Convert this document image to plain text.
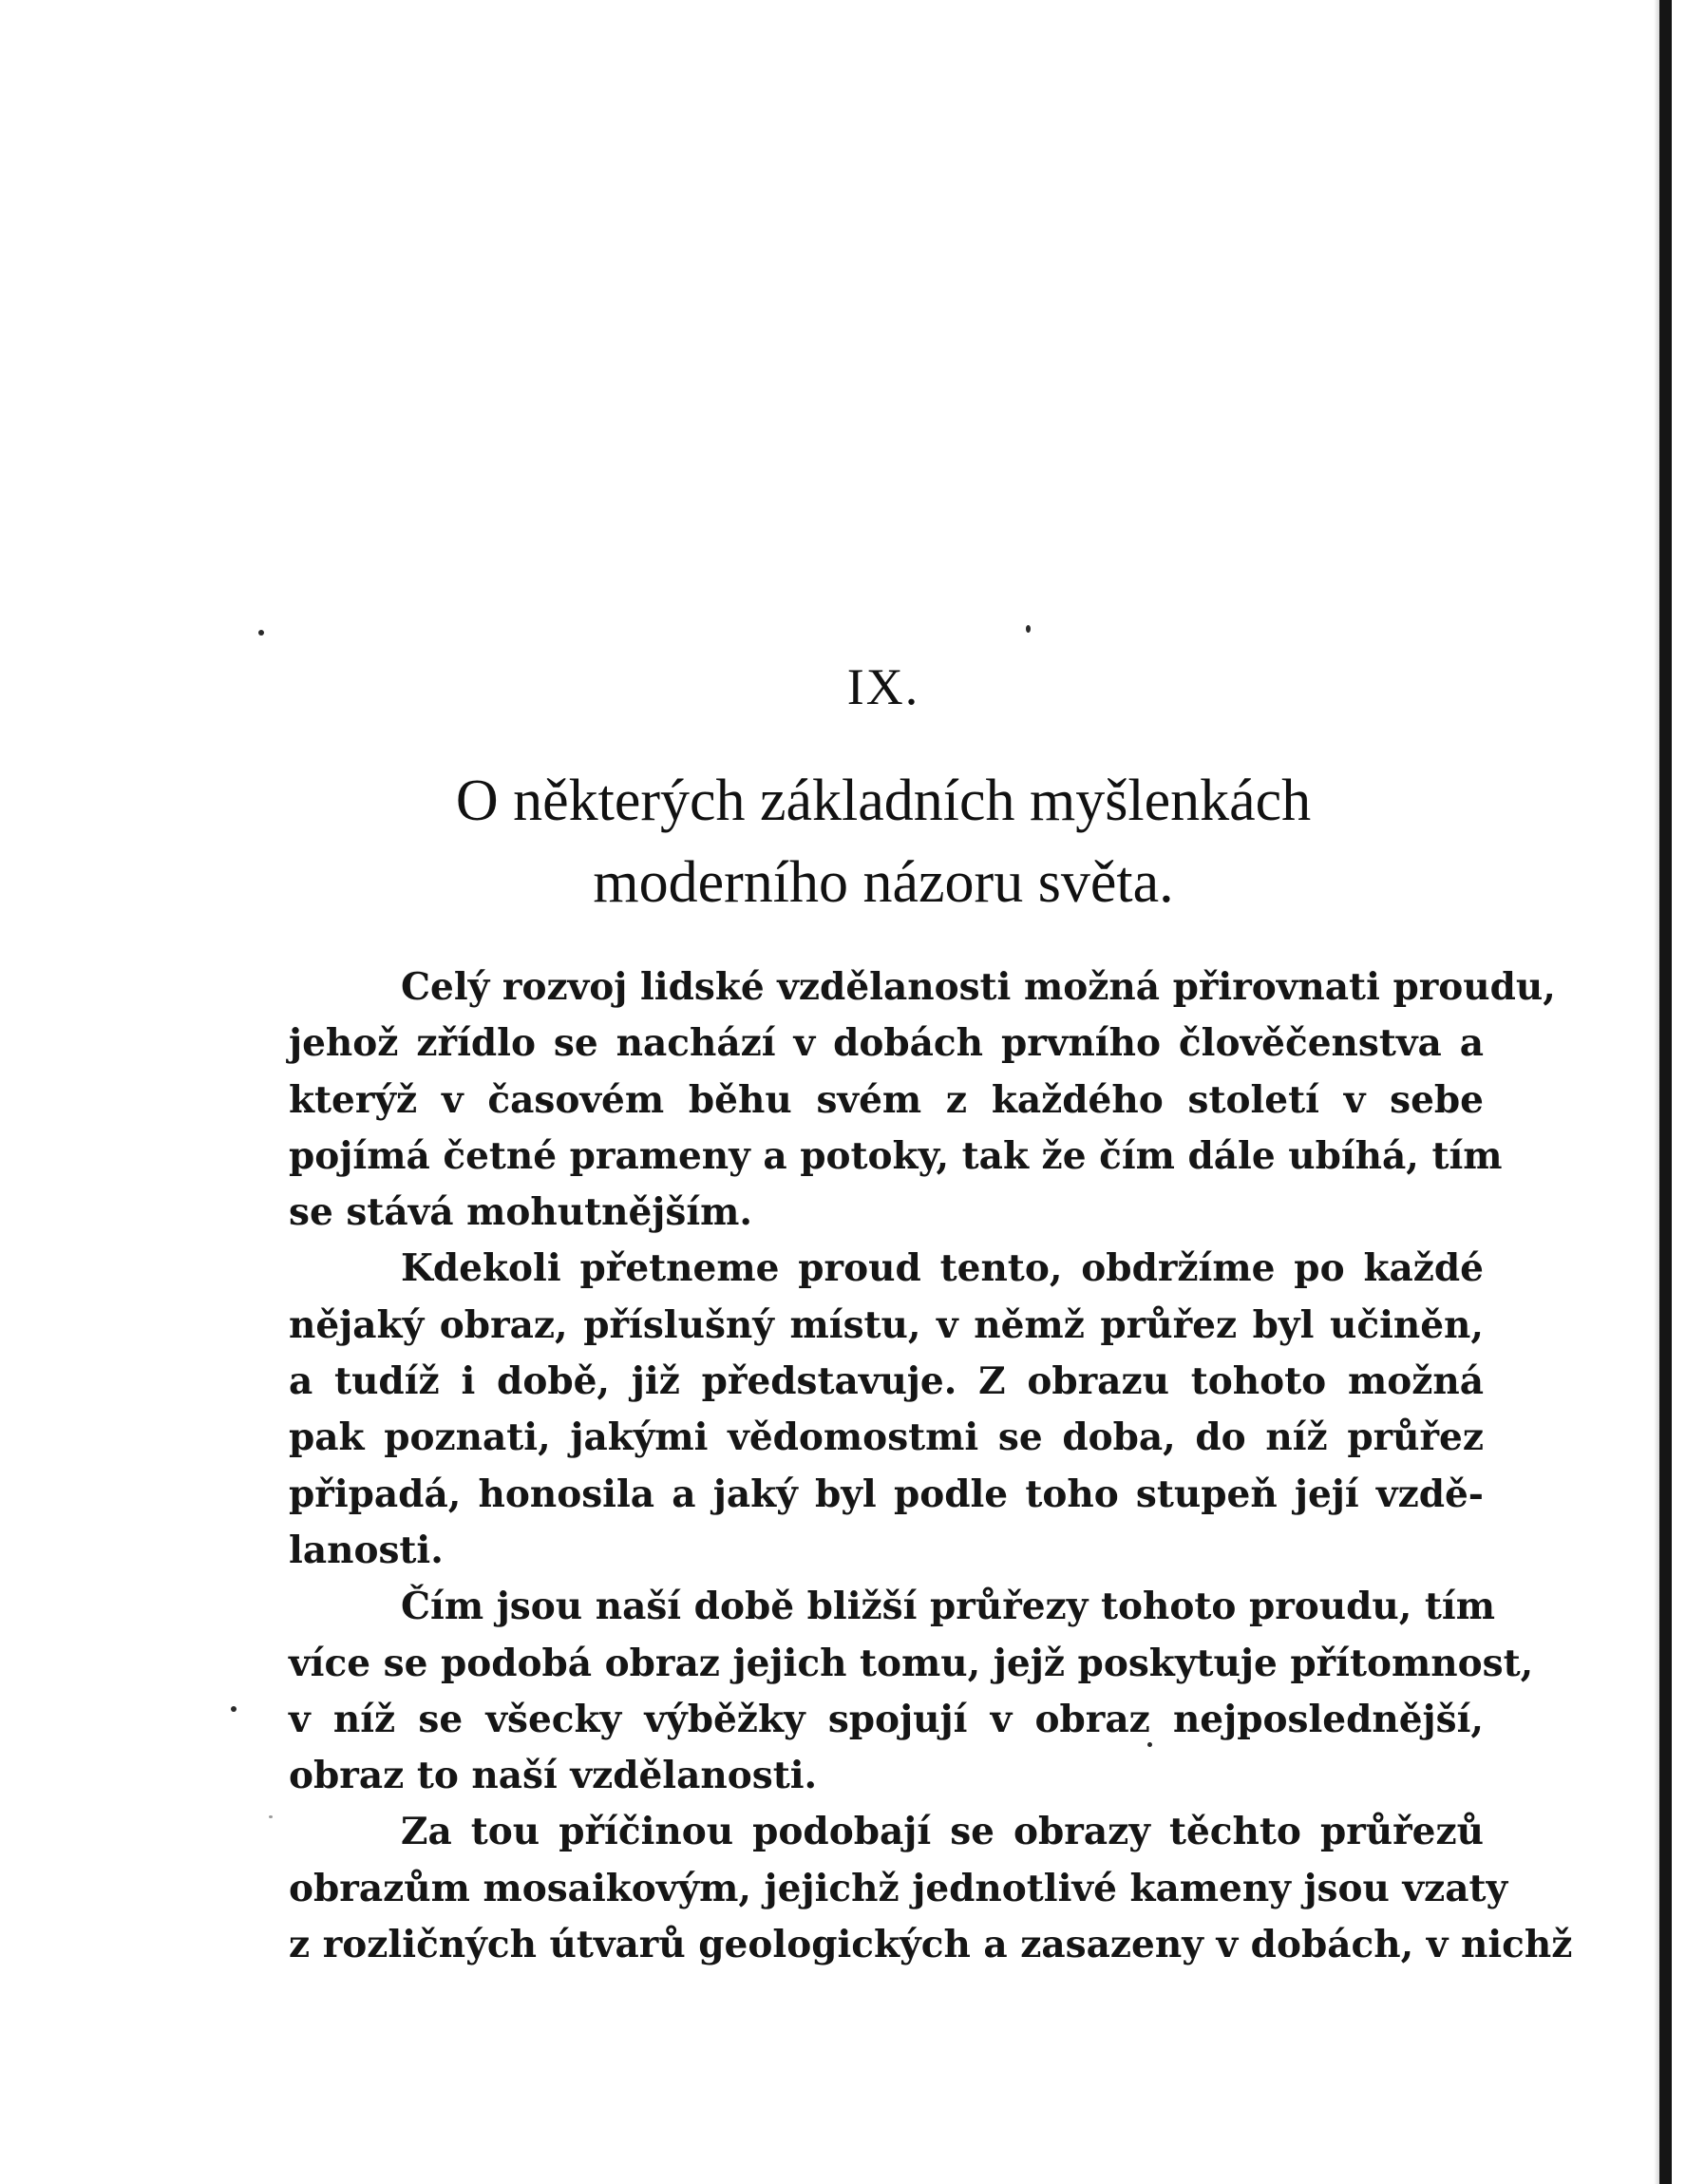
IX.
O některých základních myšlenkách
moderního názoru světa.
Celý rozvoj lidské vzdělanosti možná přirovnati proudu,
jehož zřídlo se nachází v dobách prvního člověčenstva a
kterýž v časovém běhu svém z každého století v sebe
pojímá četné prameny a potoky, tak že čím dále ubíhá, tím
se stává mohutnějším.
Kdekoli přetneme proud tento, obdržíme po každé
nějaký obraz, příslušný místu, v němž průřez byl učiněn,
a tudíž i době, již představuje. Z obrazu tohoto možná
pak poznati, jakými vědomostmi se doba, do níž průřez
připadá, honosila a jaký byl podle toho stupeň její vzdě-
lanosti.
Čím jsou naší době bližší průřezy tohoto proudu, tím
více se podobá obraz jejich tomu, jejž poskytuje přítomnost,
v níž se všecky výběžky spojují v obraz nejposlednější,
obraz to naší vzdělanosti.
Za tou příčinou podobají se obrazy těchto průřezů
obrazům mosaikovým, jejichž jednotlivé kameny jsou vzaty
z rozličných útvarů geologických a zasazeny v dobách, v nichž
